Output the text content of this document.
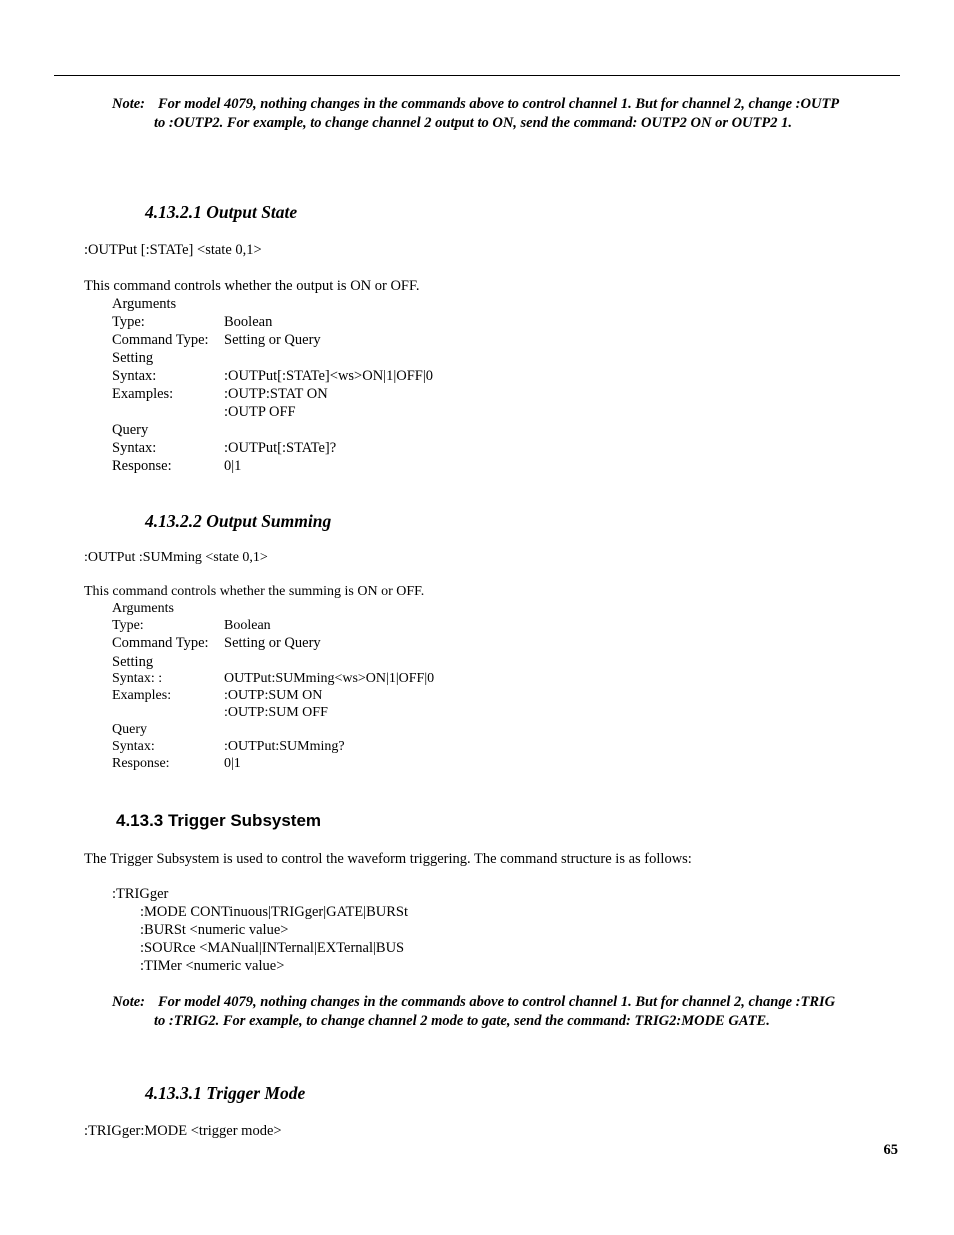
Note: For model 4079, nothing changes in the commands above to control channel 1. But for channel 2, change :OUTP
to :OUTP2. For example, to change channel 2 output to ON, send the command: OUTP2 ON or OUTP2 1.
4.13.2.1 Output State
:OUTPut [:STATe] <state 0,1>
This command controls whether the output is ON or OFF.
Arguments
Type:	Boolean
Command Type: Setting or Query
Setting
Syntax:	:OUTPut[:STATe]<ws>ON|1|OFF|0
Examples:	:OUTP:STAT ON
:OUTP OFF
Query
Syntax:	:OUTPut[:STATe]?
Response:	0|1
4.13.2.2 Output Summing
:OUTPut :SUMming <state 0,1>
This command controls whether the summing is ON or OFF.
Arguments
Type:	Boolean
Command Type: Setting or Query
Setting
Syntax: :	OUTPut:SUMming<ws>ON|1|OFF|0
Examples:	:OUTP:SUM ON
:OUTP:SUM OFF
Query
Syntax:	:OUTPut:SUMming?
Response:	0|1
4.13.3 Trigger Subsystem
The Trigger Subsystem is used to control the waveform triggering. The command structure is as follows:
:TRIGger
:MODE CONTinuous|TRIGger|GATE|BURSt
:BURSt <numeric value>
:SOURce <MANual|INTernal|EXTernal|BUS
:TIMer <numeric value>
Note: For model 4079, nothing changes in the commands above to control channel 1. But for channel 2, change :TRIG
to :TRIG2. For example, to change channel 2 mode to gate, send the command: TRIG2:MODE GATE.
4.13.3.1 Trigger Mode
:TRIGger:MODE <trigger mode>
65
